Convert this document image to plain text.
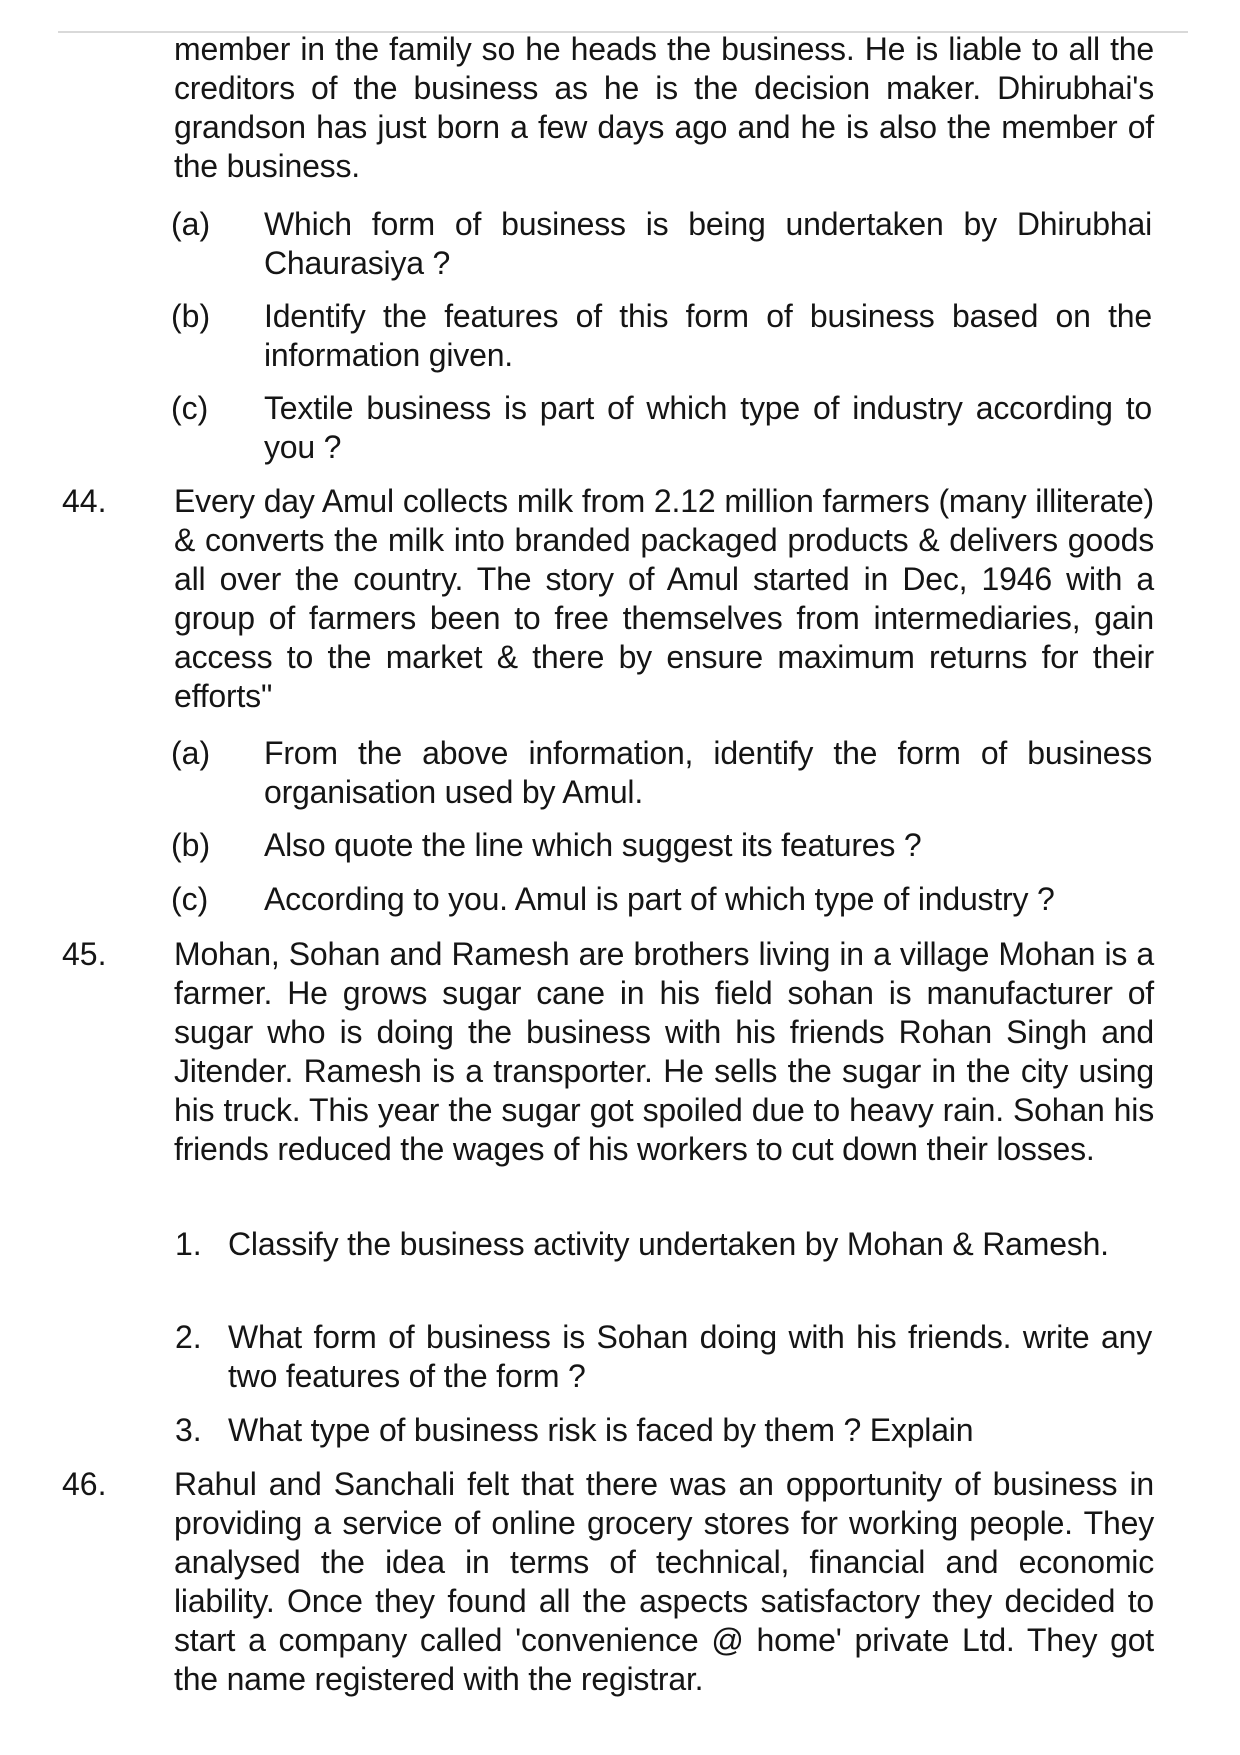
member in the family so he heads the business. He is liable to all the creditors of the business as he is the decision maker. Dhirubhai's grandson has just born a few days ago and he is also the member of the business.

(a) Which form of business is being undertaken by Dhirubhai Chaurasiya ?

(b) Identify the features of this form of business based on the information given.

(c) Textile business is part of which type of industry according to you ?

44. Every day Amul collects milk from 2.12 million farmers (many illiterate) & converts the milk into branded packaged products & delivers goods all over the country. The story of Amul started in Dec, 1946 with a group of farmers been to free themselves from intermediaries, gain access to the market & there by ensure maximum returns for their efforts"

(a) From the above information, identify the form of business organisation used by Amul.

(b) Also quote the line which suggest its features ?

(c) According to you. Amul is part of which type of industry ?

45. Mohan, Sohan and Ramesh are brothers living in a village Mohan is a farmer. He grows sugar cane in his field sohan is manufacturer of sugar who is doing the business with his friends Rohan Singh and Jitender. Ramesh is a transporter. He sells the sugar in the city using his truck. This year the sugar got spoiled due to heavy rain. Sohan his friends reduced the wages of his workers to cut down their losses.

1. Classify the business activity undertaken by Mohan & Ramesh.

2. What form of business is Sohan doing with his friends. write any two features of the form ?

3. What type of business risk is faced by them ? Explain

46. Rahul and Sanchali felt that there was an opportunity of business in providing a service of online grocery stores for working people. They analysed the idea in terms of technical, financial and economic liability. Once they found all the aspects satisfactory they decided to start a company called 'convenience @ home' private Ltd. They got the name registered with the registrar.
